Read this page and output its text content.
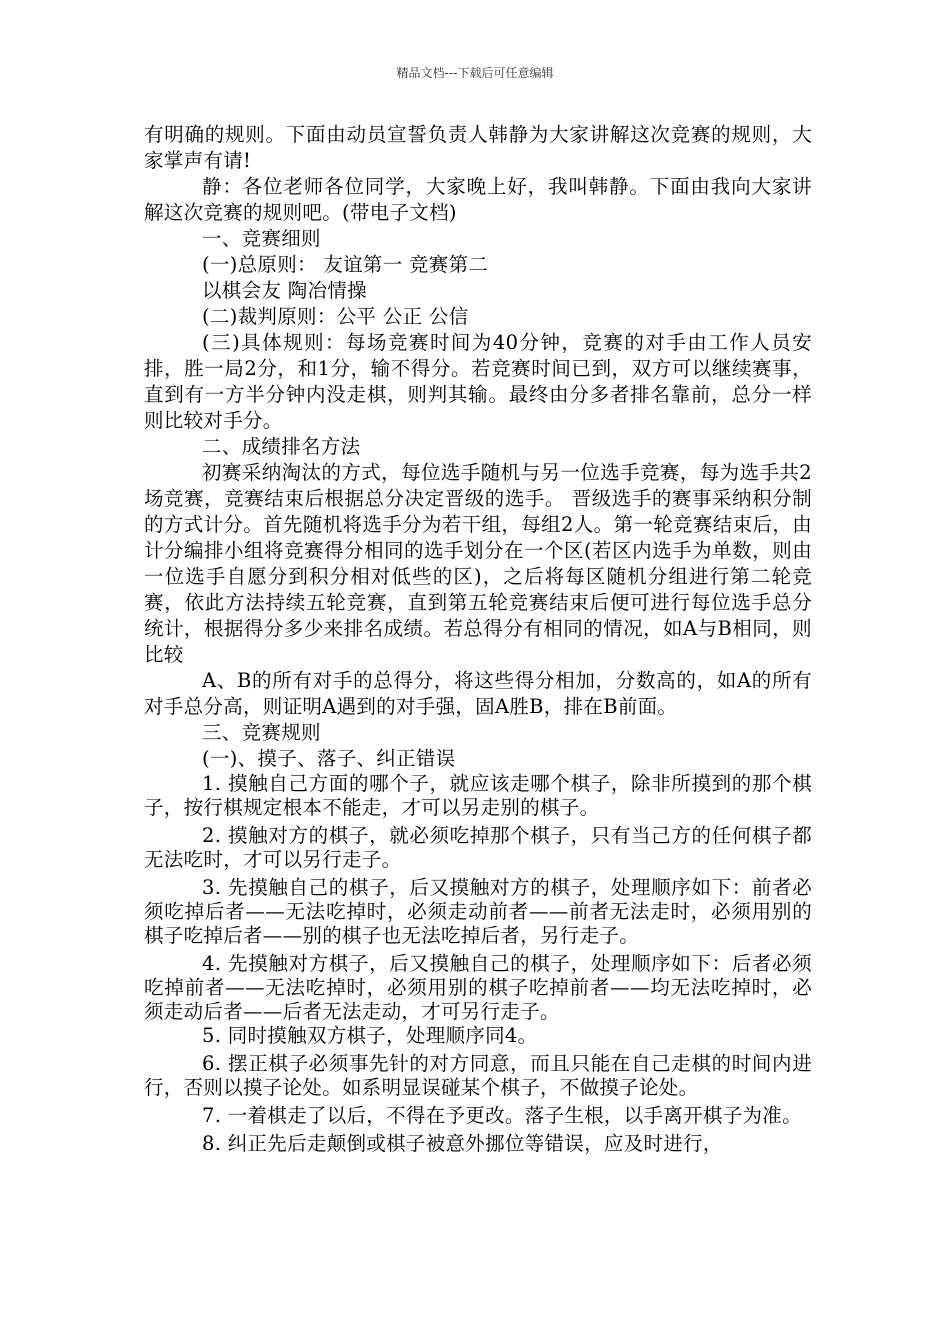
精品文档---下载后可任意编辑

有明确的规则。下面由动员宣誓负责人韩静为大家讲解这次竞赛的规则，大家掌声有请!

静：各位老师各位同学，大家晚上好，我叫韩静。下面由我向大家讲解这次竞赛的规则吧。(带电子文档)

一、竞赛细则

(一)总原则： 友谊第一 竞赛第二

以棋会友 陶冶情操

(二)裁判原则：公平 公正 公信

(三)具体规则：每场竞赛时间为40分钟，竞赛的对手由工作人员安排，胜一局2分，和1分，输不得分。若竞赛时间已到，双方可以继续赛事，直到有一方半分钟内没走棋，则判其输。最终由分多者排名靠前，总分一样则比较对手分。

二、成绩排名方法

初赛采纳淘汰的方式，每位选手随机与另一位选手竞赛，每为选手共2场竞赛，竞赛结束后根据总分决定晋级的选手。 晋级选手的赛事采纳积分制的方式计分。首先随机将选手分为若干组，每组2人。第一轮竞赛结束后，由计分编排小组将竞赛得分相同的选手划分在一个区(若区内选手为单数，则由一位选手自愿分到积分相对低些的区)，之后将每区随机分组进行第二轮竞赛，依此方法持续五轮竞赛，直到第五轮竞赛结束后便可进行每位选手总分统计，根据得分多少来排名成绩。若总得分有相同的情况，如A与B相同，则比较

A、B的所有对手的总得分，将这些得分相加，分数高的，如A的所有对手总分高，则证明A遇到的对手强，固A胜B，排在B前面。

三、竞赛规则

(一)、摸子、落子、纠正错误

1. 摸触自己方面的哪个子，就应该走哪个棋子，除非所摸到的那个棋子，按行棋规定根本不能走，才可以另走别的棋子。

2. 摸触对方的棋子，就必须吃掉那个棋子，只有当己方的任何棋子都无法吃时，才可以另行走子。

3. 先摸触自己的棋子，后又摸触对方的棋子，处理顺序如下：前者必须吃掉后者——无法吃掉时，必须走动前者——前者无法走时，必须用别的棋子吃掉后者——别的棋子也无法吃掉后者，另行走子。

4. 先摸触对方棋子，后又摸触自己的棋子，处理顺序如下：后者必须吃掉前者——无法吃掉时，必须用别的棋子吃掉前者——均无法吃掉时，必须走动后者——后者无法走动，才可另行走子。

5. 同时摸触双方棋子，处理顺序同4。

6. 摆正棋子必须事先针的对方同意，而且只能在自己走棋的时间内进行，否则以摸子论处。如系明显误碰某个棋子，不做摸子论处。

7. 一着棋走了以后，不得在予更改。落子生根，以手离开棋子为准。

8. 纠正先后走颠倒或棋子被意外挪位等错误，应及时进行，
